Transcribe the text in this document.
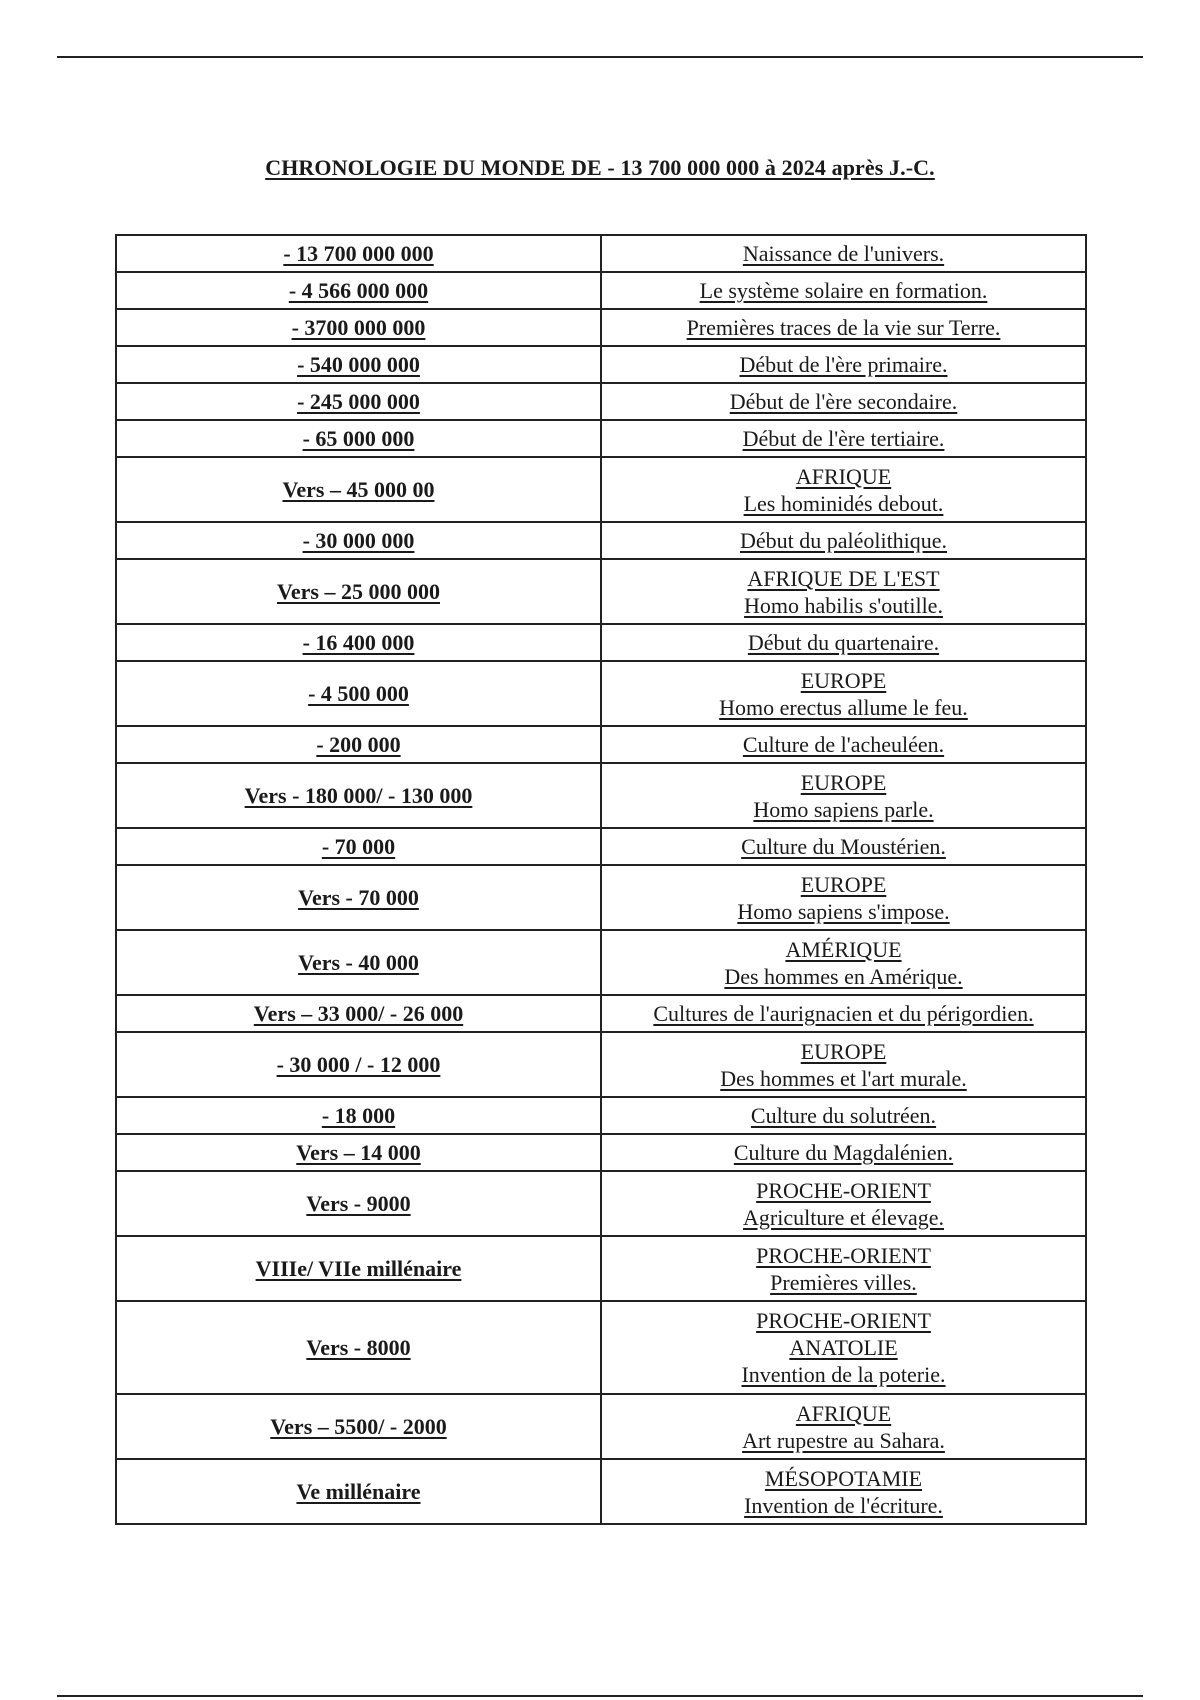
CHRONOLOGIE DU MONDE DE - 13 700 000 000 à 2024 après J.-C.
- 13 700 000 000	Naissance de l'univers.

- 4 566 000 000	Le système solaire en formation.

- 3700 000 000	Premières traces de la vie sur Terre.

- 540 000 000	Début de l'ère primaire.

- 245 000 000	Début de l'ère secondaire.

- 65 000 000	Début de l'ère tertiaire.

Vers – 45 000 00	AFRIQUE
Les hominidés debout.

- 30 000 000	Début du paléolithique.

Vers – 25 000 000	AFRIQUE DE L'EST
Homo habilis s'outille.

- 16 400 000	Début du quartenaire.

- 4 500 000	EUROPE
Homo erectus allume le feu.

- 200 000	Culture de l'acheuléen.

Vers - 180 000/ - 130 000	EUROPE
Homo sapiens parle.

- 70 000	Culture du Moustérien.

Vers - 70 000	EUROPE
Homo sapiens s'impose.

Vers - 40 000	AMÉRIQUE
Des hommes en Amérique.

Vers – 33 000/ - 26 000	Cultures de l'aurignacien et du périgordien.

- 30 000 / - 12 000	EUROPE
Des hommes et l'art murale.

- 18 000	Culture du solutréen.

Vers – 14 000	Culture du Magdalénien.

Vers - 9000	PROCHE-ORIENT
Agriculture et élevage.

VIIIe/ VIIe millénaire	PROCHE-ORIENT
Premières villes.

Vers - 8000	PROCHE-ORIENT
ANATOLIE
Invention de la poterie.

Vers – 5500/ - 2000	AFRIQUE
Art rupestre au Sahara.

Ve millénaire	MÉSOPOTAMIE
Invention de l'écriture.
